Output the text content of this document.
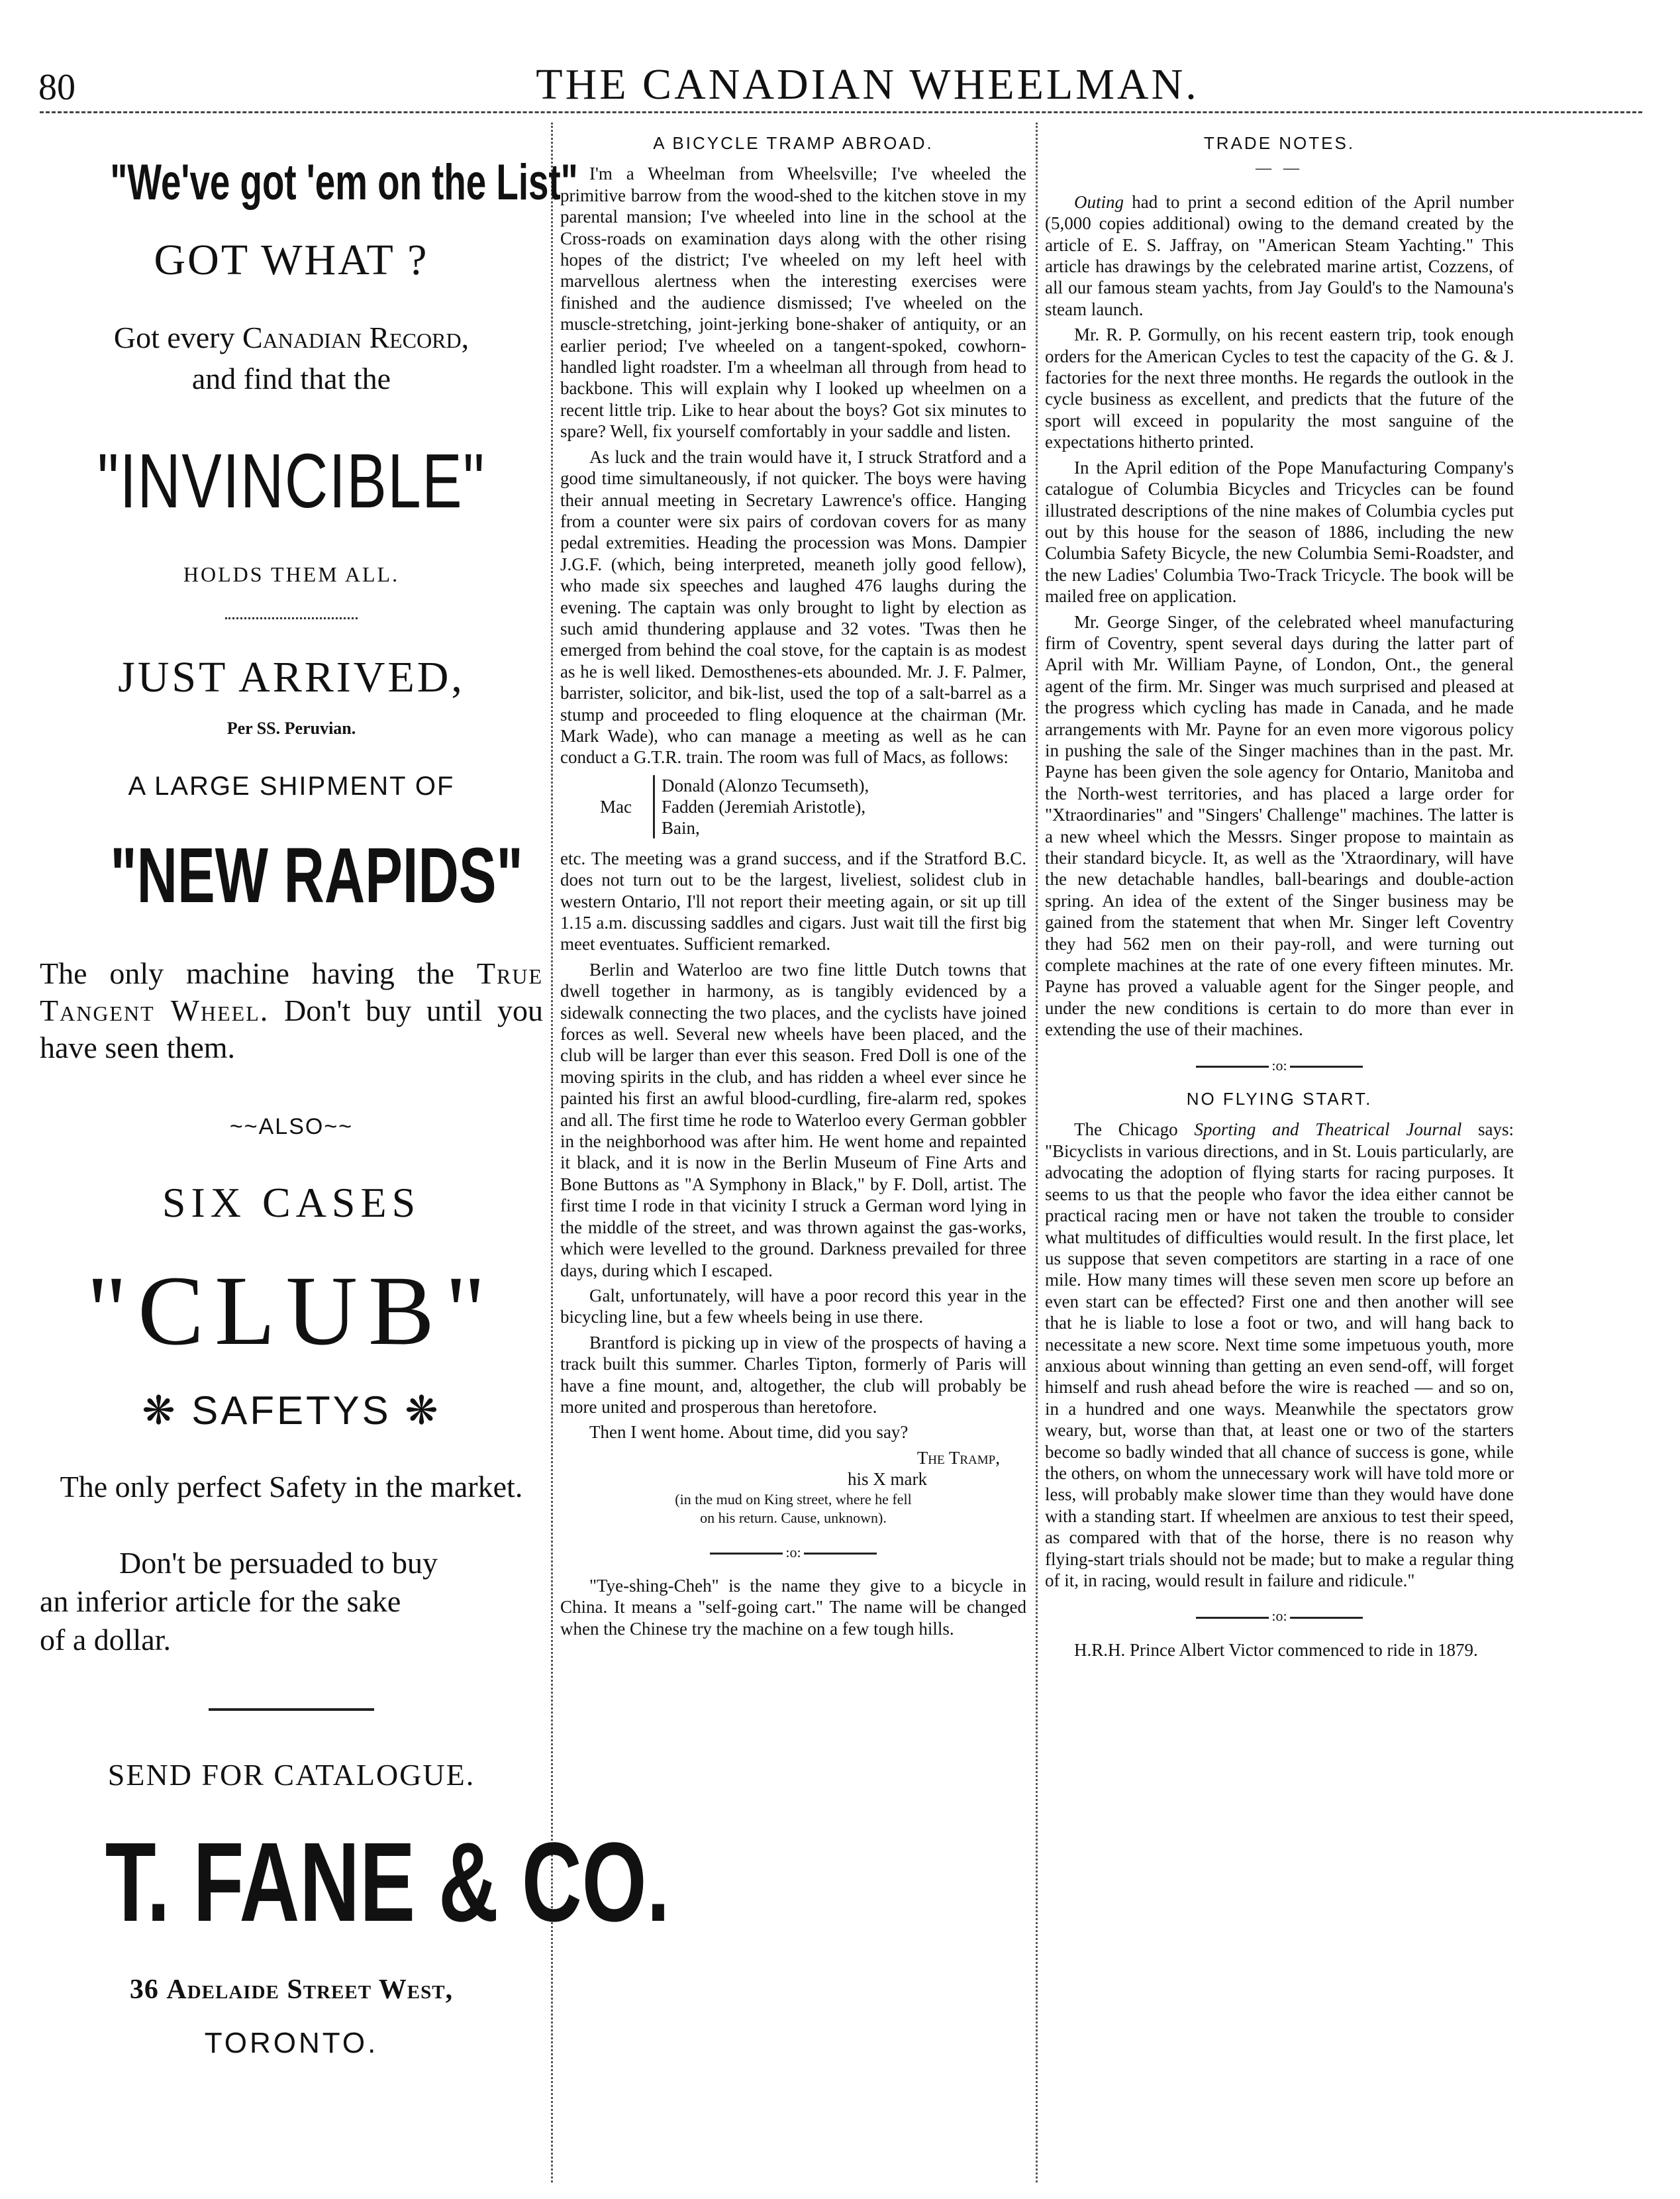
80	THE CANADIAN WHEELMAN.
"We've got 'em on the List"
GOT WHAT ?
Got every Canadian Record,
and find that the
"INVINCIBLE"
HOLDS THEM ALL.
JUST ARRIVED,
Per SS. Peruvian.
A LARGE SHIPMENT OF
"NEW RAPIDS"
The only machine having the True Tangent Wheel. Don't buy until you have seen them.
~~ALSO~~
SIX CASES
"CLUB"
❋ SAFETYS ❋
The only perfect Safety in the market.
Don't be persuaded to buy
an inferior article for the sake
of a dollar.
SEND FOR CATALOGUE.
T. FANE & CO.
36 Adelaide Street West,
TORONTO.

A BICYCLE TRAMP ABROAD.

I'm a Wheelman from Wheelsville; I've wheeled the primitive barrow from the wood-shed to the kitchen stove in my parental mansion; I've wheeled into line in the school at the Cross-roads on examination days along with the other rising hopes of the district; I've wheeled on my left heel with marvellous alertness when the interesting exercises were finished and the audience dismissed; I've wheeled on the muscle-stretching, joint-jerking bone-shaker of antiquity, or an earlier period; I've wheeled on a tangent-spoked, cowhorn-handled light roadster. I'm a wheelman all through from head to backbone. This will explain why I looked up wheelmen on a recent little trip. Like to hear about the boys? Got six minutes to spare? Well, fix yourself comfortably in your saddle and listen.

As luck and the train would have it, I struck Stratford and a good time simultaneously, if not quicker. The boys were having their annual meeting in Secretary Lawrence's office. Hanging from a counter were six pairs of cordovan covers for as many pedal extremities. Heading the procession was Mons. Dampier J.G.F. (which, being interpreted, meaneth jolly good fellow), who made six speeches and laughed 476 laughs during the evening. The captain was only brought to light by election as such amid thundering applause and 32 votes. 'Twas then he emerged from behind the coal stove, for the captain is as modest as he is well liked. Demosthenes-ets abounded. Mr. J. F. Palmer, barrister, solicitor, and bik-list, used the top of a salt-barrel as a stump and proceeded to fling eloquence at the chairman (Mr. Mark Wade), who can manage a meeting as well as he can conduct a G.T.R. train. The room was full of Macs, as follows:

Mac
Donald (Alonzo Tecumseth),
Fadden (Jeremiah Aristotle),
Bain,

etc. The meeting was a grand success, and if the Stratford B.C. does not turn out to be the largest, liveliest, solidest club in western Ontario, I'll not report their meeting again, or sit up till 1.15 a.m. discussing saddles and cigars. Just wait till the first big meet eventuates. Sufficient remarked.

Berlin and Waterloo are two fine little Dutch towns that dwell together in harmony, as is tangibly evidenced by a sidewalk connecting the two places, and the cyclists have joined forces as well. Several new wheels have been placed, and the club will be larger than ever this season. Fred Doll is one of the moving spirits in the club, and has ridden a wheel ever since he painted his first an awful blood-curdling, fire-alarm red, spokes and all. The first time he rode to Waterloo every German gobbler in the neighborhood was after him. He went home and repainted it black, and it is now in the Berlin Museum of Fine Arts and Bone Buttons as "A Symphony in Black," by F. Doll, artist. The first time I rode in that vicinity I struck a German word lying in the middle of the street, and was thrown against the gas-works, which were levelled to the ground. Darkness prevailed for three days, during which I escaped.

Galt, unfortunately, will have a poor record this year in the bicycling line, but a few wheels being in use there.

Brantford is picking up in view of the prospects of having a track built this summer. Charles Tipton, formerly of Paris will have a fine mount, and, altogether, the club will probably be more united and prosperous than heretofore.

Then I went home. About time, did you say?

The Tramp,

his X mark

(in the mud on King street, where he fell

on his return. Cause, unknown).

:o:

"Tye-shing-Cheh" is the name they give to a bicycle in China. It means a "self-going cart." The name will be changed when the Chinese try the machine on a few tough hills.

TRADE NOTES.

— —

Outing had to print a second edition of the April number (5,000 copies additional) owing to the demand created by the article of E. S. Jaffray, on "American Steam Yachting." This article has drawings by the celebrated marine artist, Cozzens, of all our famous steam yachts, from Jay Gould's to the Namouna's steam launch.

Mr. R. P. Gormully, on his recent eastern trip, took enough orders for the American Cycles to test the capacity of the G. & J. factories for the next three months. He regards the outlook in the cycle business as excellent, and predicts that the future of the sport will exceed in popularity the most sanguine of the expectations hitherto printed.

In the April edition of the Pope Manufacturing Company's catalogue of Columbia Bicycles and Tricycles can be found illustrated descriptions of the nine makes of Columbia cycles put out by this house for the season of 1886, including the new Columbia Safety Bicycle, the new Columbia Semi-Roadster, and the new Ladies' Columbia Two-Track Tricycle. The book will be mailed free on application.

Mr. George Singer, of the celebrated wheel manufacturing firm of Coventry, spent several days during the latter part of April with Mr. William Payne, of London, Ont., the general agent of the firm. Mr. Singer was much surprised and pleased at the progress which cycling has made in Canada, and he made arrangements with Mr. Payne for an even more vigorous policy in pushing the sale of the Singer machines than in the past. Mr. Payne has been given the sole agency for Ontario, Manitoba and the North-west territories, and has placed a large order for "Xtraordinaries" and "Singers' Challenge" machines. The latter is a new wheel which the Messrs. Singer propose to maintain as their standard bicycle. It, as well as the 'Xtraordinary, will have the new detachable handles, ball-bearings and double-action spring. An idea of the extent of the Singer business may be gained from the statement that when Mr. Singer left Coventry they had 562 men on their pay-roll, and were turning out complete machines at the rate of one every fifteen minutes. Mr. Payne has proved a valuable agent for the Singer people, and under the new conditions is certain to do more than ever in extending the use of their machines.

:o:

NO FLYING START.

The Chicago Sporting and Theatrical Journal says: "Bicyclists in various directions, and in St. Louis particularly, are advocating the adoption of flying starts for racing purposes. It seems to us that the people who favor the idea either cannot be practical racing men or have not taken the trouble to consider what multitudes of difficulties would result. In the first place, let us suppose that seven competitors are starting in a race of one mile. How many times will these seven men score up before an even start can be effected? First one and then another will see that he is liable to lose a foot or two, and will hang back to necessitate a new score. Next time some impetuous youth, more anxious about winning than getting an even send-off, will forget himself and rush ahead before the wire is reached — and so on, in a hundred and one ways. Meanwhile the spectators grow weary, but, worse than that, at least one or two of the starters become so badly winded that all chance of success is gone, while the others, on whom the unnecessary work will have told more or less, will probably make slower time than they would have done with a standing start. If wheelmen are anxious to test their speed, as compared with that of the horse, there is no reason why flying-start trials should not be made; but to make a regular thing of it, in racing, would result in failure and ridicule."

:o:

H.R.H. Prince Albert Victor commenced to ride in 1879.
